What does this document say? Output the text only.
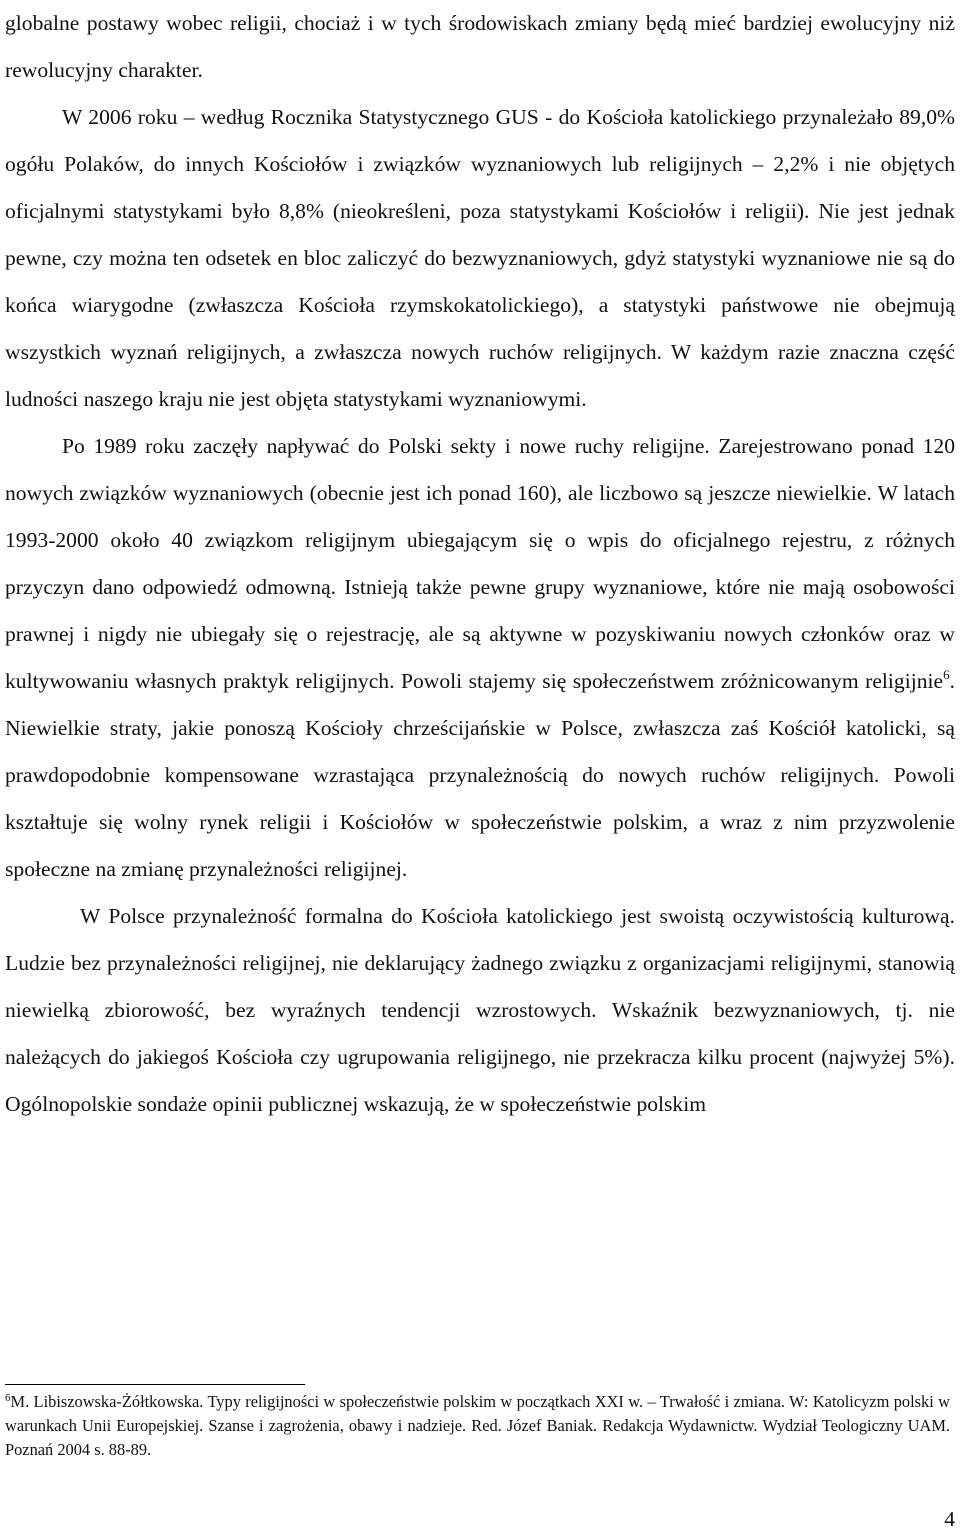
globalne postawy wobec religii, chociaż i w tych środowiskach zmiany będą mieć bardziej ewolucyjny niż rewolucyjny charakter.

W 2006 roku – według Rocznika Statystycznego GUS - do Kościoła katolickiego przynależało 89,0% ogółu Polaków, do innych Kościołów i związków wyznaniowych lub religijnych – 2,2% i nie objętych oficjalnymi statystykami było 8,8% (nieokreśleni, poza statystykami Kościołów i religii). Nie jest jednak pewne, czy można ten odsetek en bloc zaliczyć do bezwyznaniowych, gdyż statystyki wyznaniowe nie są do końca wiarygodne (zwłaszcza Kościoła rzymskokatolickiego), a statystyki państwowe nie obejmują wszystkich wyznań religijnych, a zwłaszcza nowych ruchów religijnych. W każdym razie znaczna część ludności naszego kraju nie jest objęta statystykami wyznaniowymi.

Po 1989 roku zaczęły napływać do Polski sekty i nowe ruchy religijne. Zarejestrowano ponad 120 nowych związków wyznaniowych (obecnie jest ich ponad 160), ale liczbowo są jeszcze niewielkie. W latach 1993-2000 około 40 związkom religijnym ubiegającym się o wpis do oficjalnego rejestru, z różnych przyczyn dano odpowiedź odmowną. Istnieją także pewne grupy wyznaniowe, które nie mają osobowości prawnej i nigdy nie ubiegały się o rejestrację, ale są aktywne w pozyskiwaniu nowych członków oraz w kultywowaniu własnych praktyk religijnych. Powoli stajemy się społeczeństwem zróżnicowanym religijnie$^6$. Niewielkie straty, jakie ponoszą Kościoły chrześcijańskie w Polsce, zwłaszcza zaś Kościół katolicki, są prawdopodobnie kompensowane wzrastająca przynależnością do nowych ruchów religijnych. Powoli kształtuje się wolny rynek religii i Kościołów w społeczeństwie polskim, a wraz z nim przyzwolenie społeczne na zmianę przynależności religijnej.

W Polsce przynależność formalna do Kościoła katolickiego jest swoistą oczywistością kulturową. Ludzie bez przynależności religijnej, nie deklarujący żadnego związku z organizacjami religijnymi, stanowią niewielką zbiorowość, bez wyraźnych tendencji wzrostowych. Wskaźnik bezwyznaniowych, tj. nie należących do jakiegoś Kościoła czy ugrupowania religijnego, nie przekracza kilku procent (najwyżej 5%). Ogólnopolskie sondaże opinii publicznej wskazują, że w społeczeństwie polskim

$^6$M. Libiszowska-Żółtkowska. Typy religijności w społeczeństwie polskim w początkach XXI w. – Trwałość i zmiana. W: Katolicyzm polski w warunkach Unii Europejskiej. Szanse i zagrożenia, obawy i nadzieje. Red. Józef Baniak. Redakcja Wydawnictw. Wydział Teologiczny UAM. Poznań 2004 s. 88-89.

4
